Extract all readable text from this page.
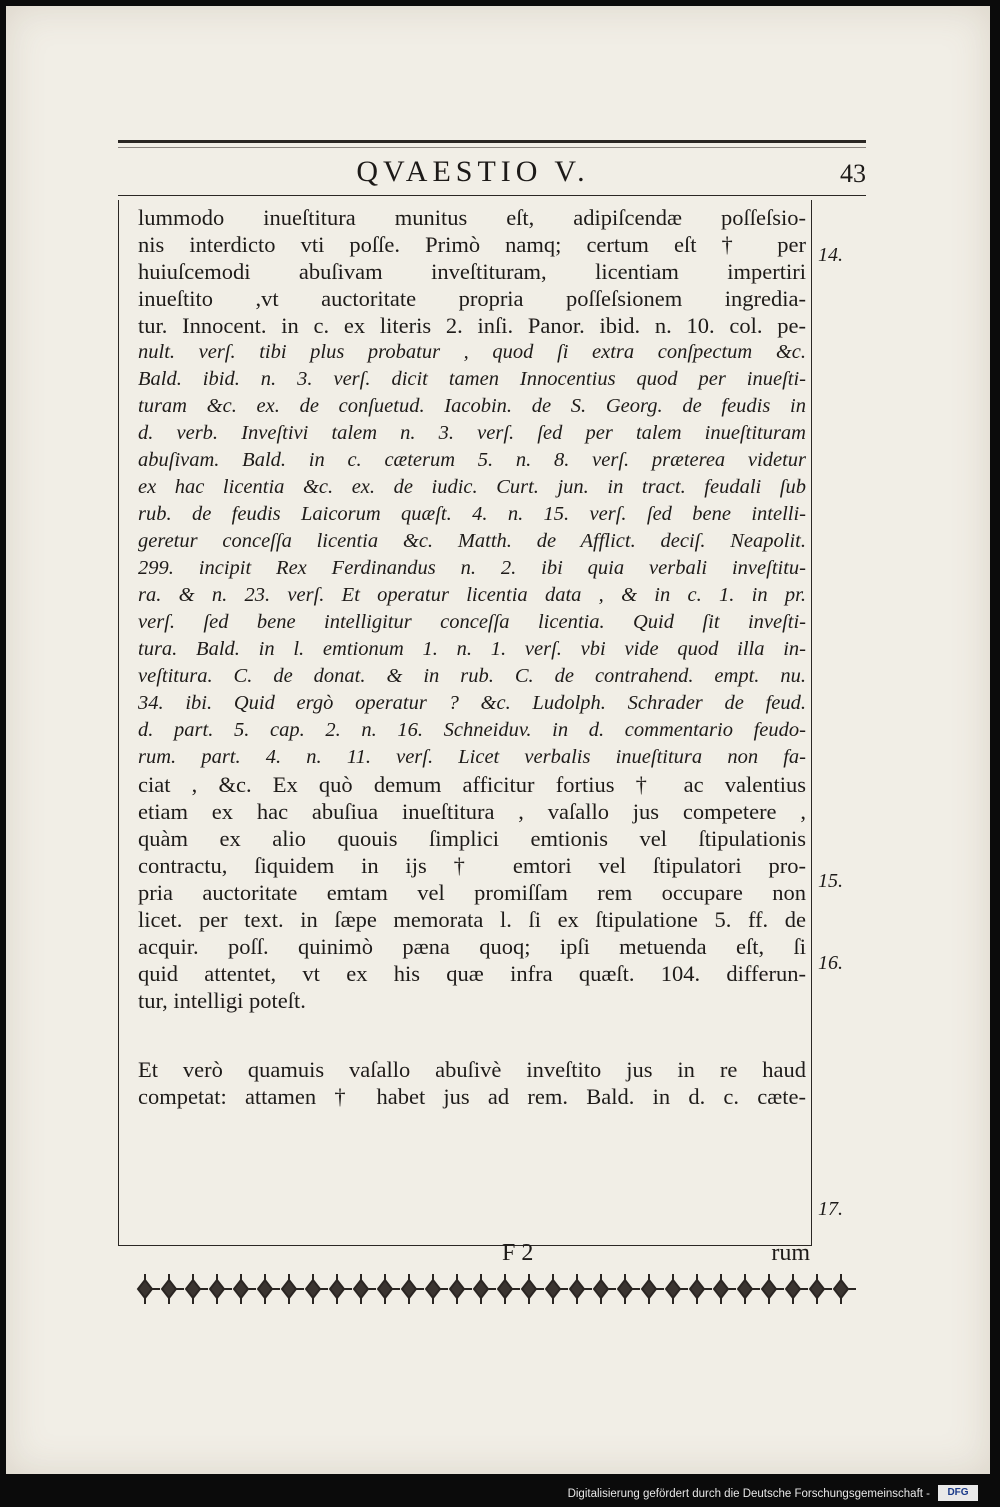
QVAESTIO V.	43
lummodo inueſtitura munitus eſt, adipiſcendæ poſſeſsio-
nis interdicto vti poſſe. Primò namq; certum eſt † per
huiuſcemodi abuſivam inveſtituram, licentiam impertiri
inueſtito ,vt auctoritate propria poſſeſsionem ingredia-
tur. Innocent. in c. ex literis 2. inſi. Panor. ibid. n. 10. col. pe-
nult. verſ. tibi plus probatur , quod ſi extra conſpectum &c.
Bald. ibid. n. 3. verſ. dicit tamen Innocentius quod per inueſti-
turam &c. ex. de conſuetud. Iacobin. de S. Georg. de feudis in
d. verb. Inveſtivi talem n. 3. verſ. ſed per talem inueſtituram
abuſivam. Bald. in c. cæterum 5. n. 8. verſ. præterea videtur
ex hac licentia &c. ex. de iudic. Curt. jun. in tract. feudali ſub
rub. de feudis Laicorum quæſt. 4. n. 15. verſ. ſed bene intelli-
geretur conceſſa licentia &c. Matth. de Afflict. deciſ. Neapolit.
299. incipit Rex Ferdinandus n. 2. ibi quia verbali inveſtitu-
ra. & n. 23. verſ. Et operatur licentia data , & in c. 1. in pr.
verſ. ſed bene intelligitur conceſſa licentia. Quid ſit inveſti-
tura. Bald. in l. emtionum 1. n. 1. verſ. vbi vide quod illa in-
veſtitura. C. de donat. & in rub. C. de contrahend. empt. nu.
34. ibi. Quid ergò operatur ? &c. Ludolph. Schrader de feud.
d. part. 5. cap. 2. n. 16. Schneiduv. in d. commentario feudo-
rum. part. 4. n. 11. verſ. Licet verbalis inueſtitura non fa-
ciat , &c. Ex quò demum afficitur fortius † ac valentius
etiam ex hac abuſiua inueſtitura , vaſallo jus competere ,
quàm ex alio quouis ſimplici emtionis vel ſtipulationis
contractu, ſiquidem in ijs † emtori vel ſtipulatori pro-
pria auctoritate emtam vel promiſſam rem occupare non
licet. per text. in ſæpe memorata l. ſi ex ſtipulatione 5. ff. de
acquir. poſſ. quinimò pæna quoq; ipſi metuenda eſt, ſi
quid attentet, vt ex his quæ infra quæſt. 104. differun-
tur, intelligi poteſt.
Et verò quamuis vaſallo abuſivè inveſtito jus in re haud
competat: attamen † habet jus ad rem. Bald. in d. c. cæte-
14.
15.
16.
17.
F 2	rum
Digitalisierung gefördert durch die Deutsche Forschungsgemeinschaft -	DFG
